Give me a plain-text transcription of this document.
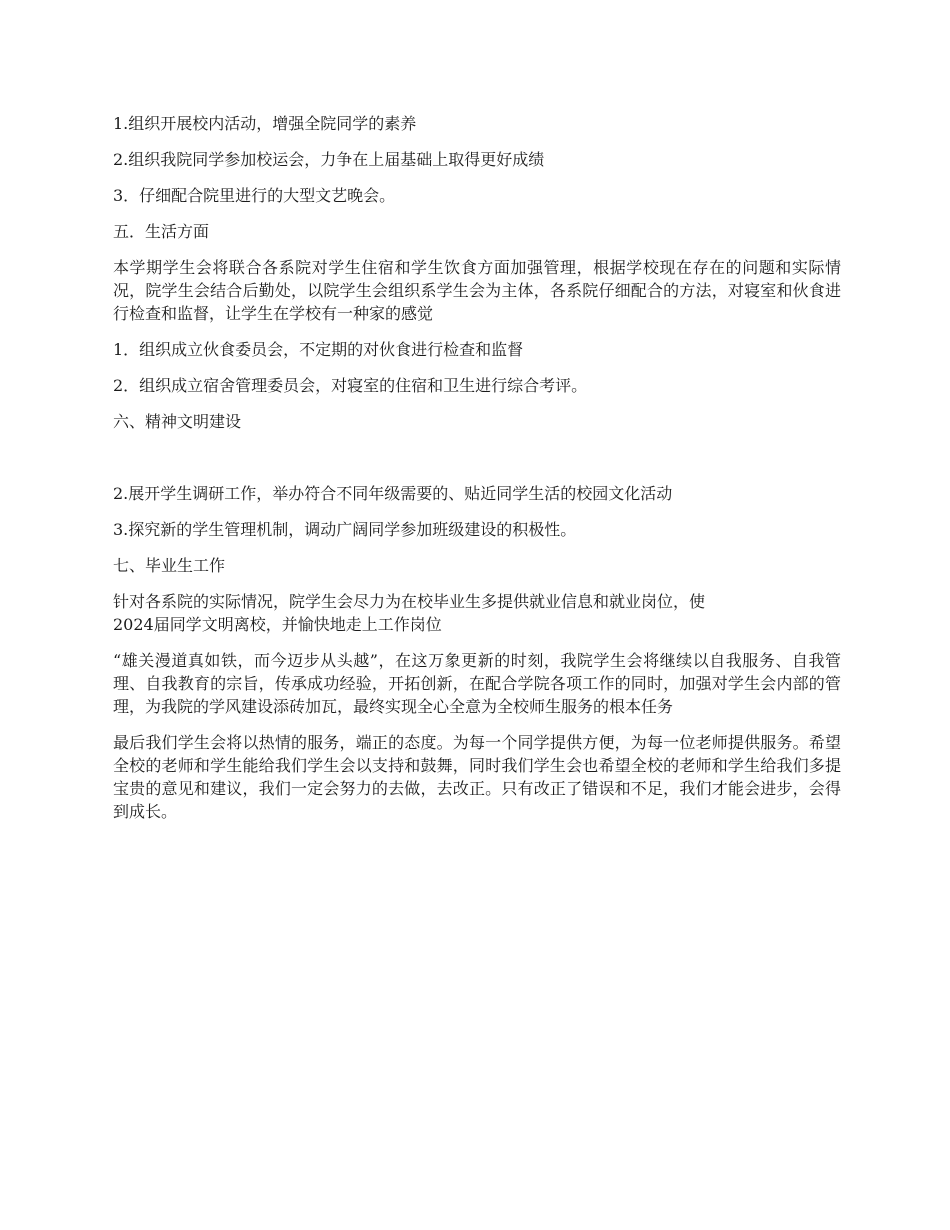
1.组织开展校内活动，增强全院同学的素养

2.组织我院同学参加校运会，力争在上届基础上取得更好成绩

3．仔细配合院里进行的大型文艺晚会。

五．生活方面

本学期学生会将联合各系院对学生住宿和学生饮食方面加强管理，根据学校现在存在的问题和实际情况，院学生会结合后勤处，以院学生会组织系学生会为主体，各系院仔细配合的方法，对寝室和伙食进行检查和监督，让学生在学校有一种家的感觉

1．组织成立伙食委员会，不定期的对伙食进行检查和监督

2．组织成立宿舍管理委员会，对寝室的住宿和卫生进行综合考评。

六、精神文明建设

2.展开学生调研工作，举办符合不同年级需要的、贴近同学生活的校园文化活动

3.探究新的学生管理机制，调动广阔同学参加班级建设的积极性。

七、毕业生工作

针对各系院的实际情况，院学生会尽力为在校毕业生多提供就业信息和就业岗位，使
2024届同学文明离校，并愉快地走上工作岗位

“雄关漫道真如铁，而今迈步从头越”，在这万象更新的时刻，我院学生会将继续以自我服务、自我管理、自我教育的宗旨，传承成功经验，开拓创新，在配合学院各项工作的同时，加强对学生会内部的管理，为我院的学风建设添砖加瓦，最终实现全心全意为全校师生服务的根本任务

最后我们学生会将以热情的服务，端正的态度。为每一个同学提供方便，为每一位老师提供服务。希望全校的老师和学生能给我们学生会以支持和鼓舞，同时我们学生会也希望全校的老师和学生给我们多提宝贵的意见和建议，我们一定会努力的去做，去改正。只有改正了错误和不足，我们才能会进步，会得到成长。
